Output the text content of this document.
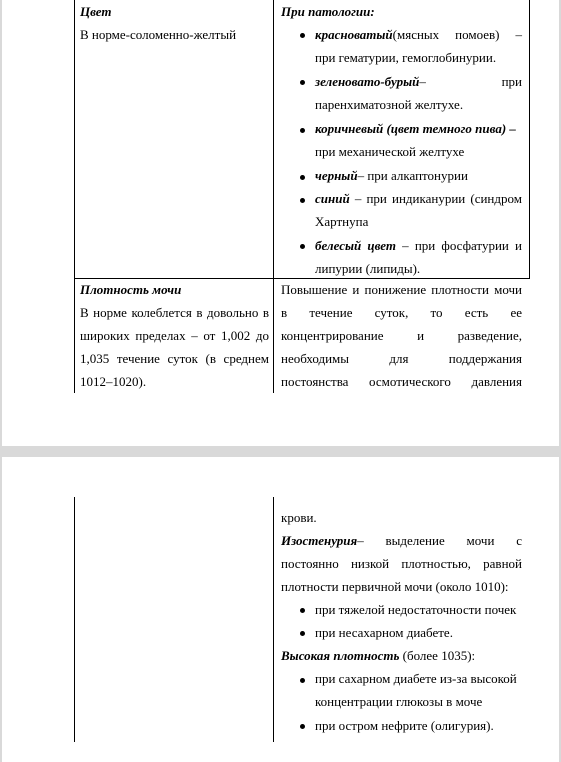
Цвет
В норме-соломенно-желтый
При патологии:
красноватый(мясных помоев) –
при гематурии, гемоглобинурии.
зеленовато-бурый– при
паренхиматозной желтухе.
коричневый (цвет темного пива) –
при механической желтухе
черный– при алкаптонурии
синий – при индиканурии (синдром
Хартнупа
белесый цвет – при фосфатурии и
липурии (липиды).
Плотность мочи
В норме колеблется в довольно в
широких пределах – от 1,002 до
1,035 течение суток (в среднем
1012–1020).
Повышение и понижение плотности мочи
в течение суток, то есть ее
концентрирование и разведение,
необходимы для поддержания
постоянства осмотического давления
крови.
Изостенурия– выделение мочи с
постоянно низкой плотностью, равной
плотности первичной мочи (около 1010):
при тяжелой недостаточности почек
при несахарном диабете.
Высокая плотность (более 1035):
при сахарном диабете из-за высокой
концентрации глюкозы в моче
при остром нефрите (олигурия).
